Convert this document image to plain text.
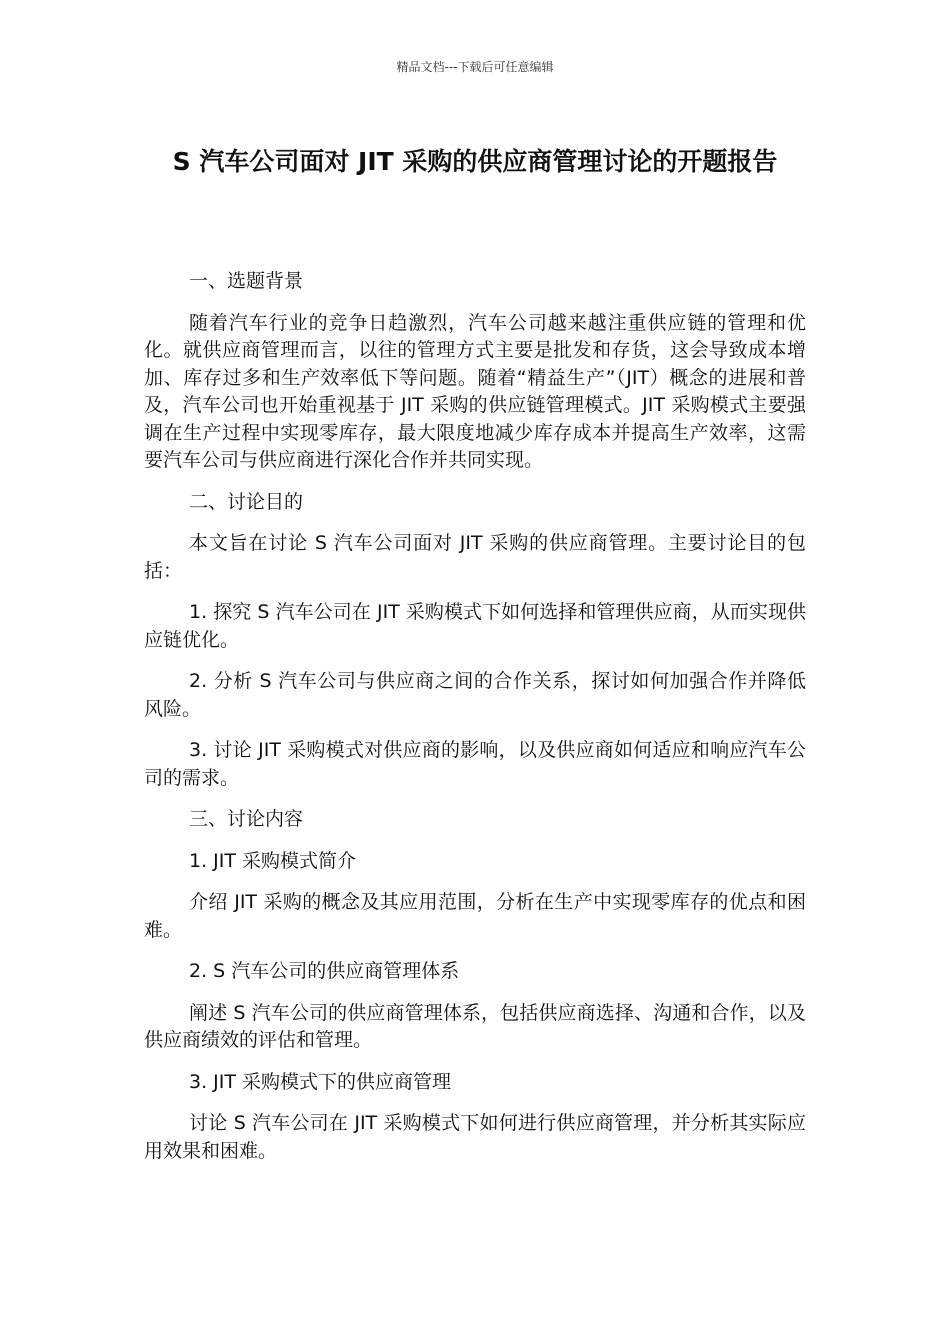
精品文档---下载后可任意编辑
S 汽车公司面对 JIT 采购的供应商管理讨论的开题报告

一、选题背景

随着汽车行业的竞争日趋激烈，汽车公司越来越注重供应链的管理和优化。就供应商管理而言，以往的管理方式主要是批发和存货，这会导致成本增加、库存过多和生产效率低下等问题。随着“精益生产”（JIT）概念的进展和普及，汽车公司也开始重视基于 JIT 采购的供应链管理模式。JIT 采购模式主要强调在生产过程中实现零库存，最大限度地减少库存成本并提高生产效率，这需要汽车公司与供应商进行深化合作并共同实现。

二、讨论目的

本文旨在讨论 S 汽车公司面对 JIT 采购的供应商管理。主要讨论目的包括：

1. 探究 S 汽车公司在 JIT 采购模式下如何选择和管理供应商，从而实现供应链优化。

2. 分析 S 汽车公司与供应商之间的合作关系，探讨如何加强合作并降低风险。

3. 讨论 JIT 采购模式对供应商的影响，以及供应商如何适应和响应汽车公司的需求。

三、讨论内容

1. JIT 采购模式简介

介绍 JIT 采购的概念及其应用范围，分析在生产中实现零库存的优点和困难。

2. S 汽车公司的供应商管理体系

阐述 S 汽车公司的供应商管理体系，包括供应商选择、沟通和合作，以及供应商绩效的评估和管理。

3. JIT 采购模式下的供应商管理

讨论 S 汽车公司在 JIT 采购模式下如何进行供应商管理，并分析其实际应用效果和困难。
